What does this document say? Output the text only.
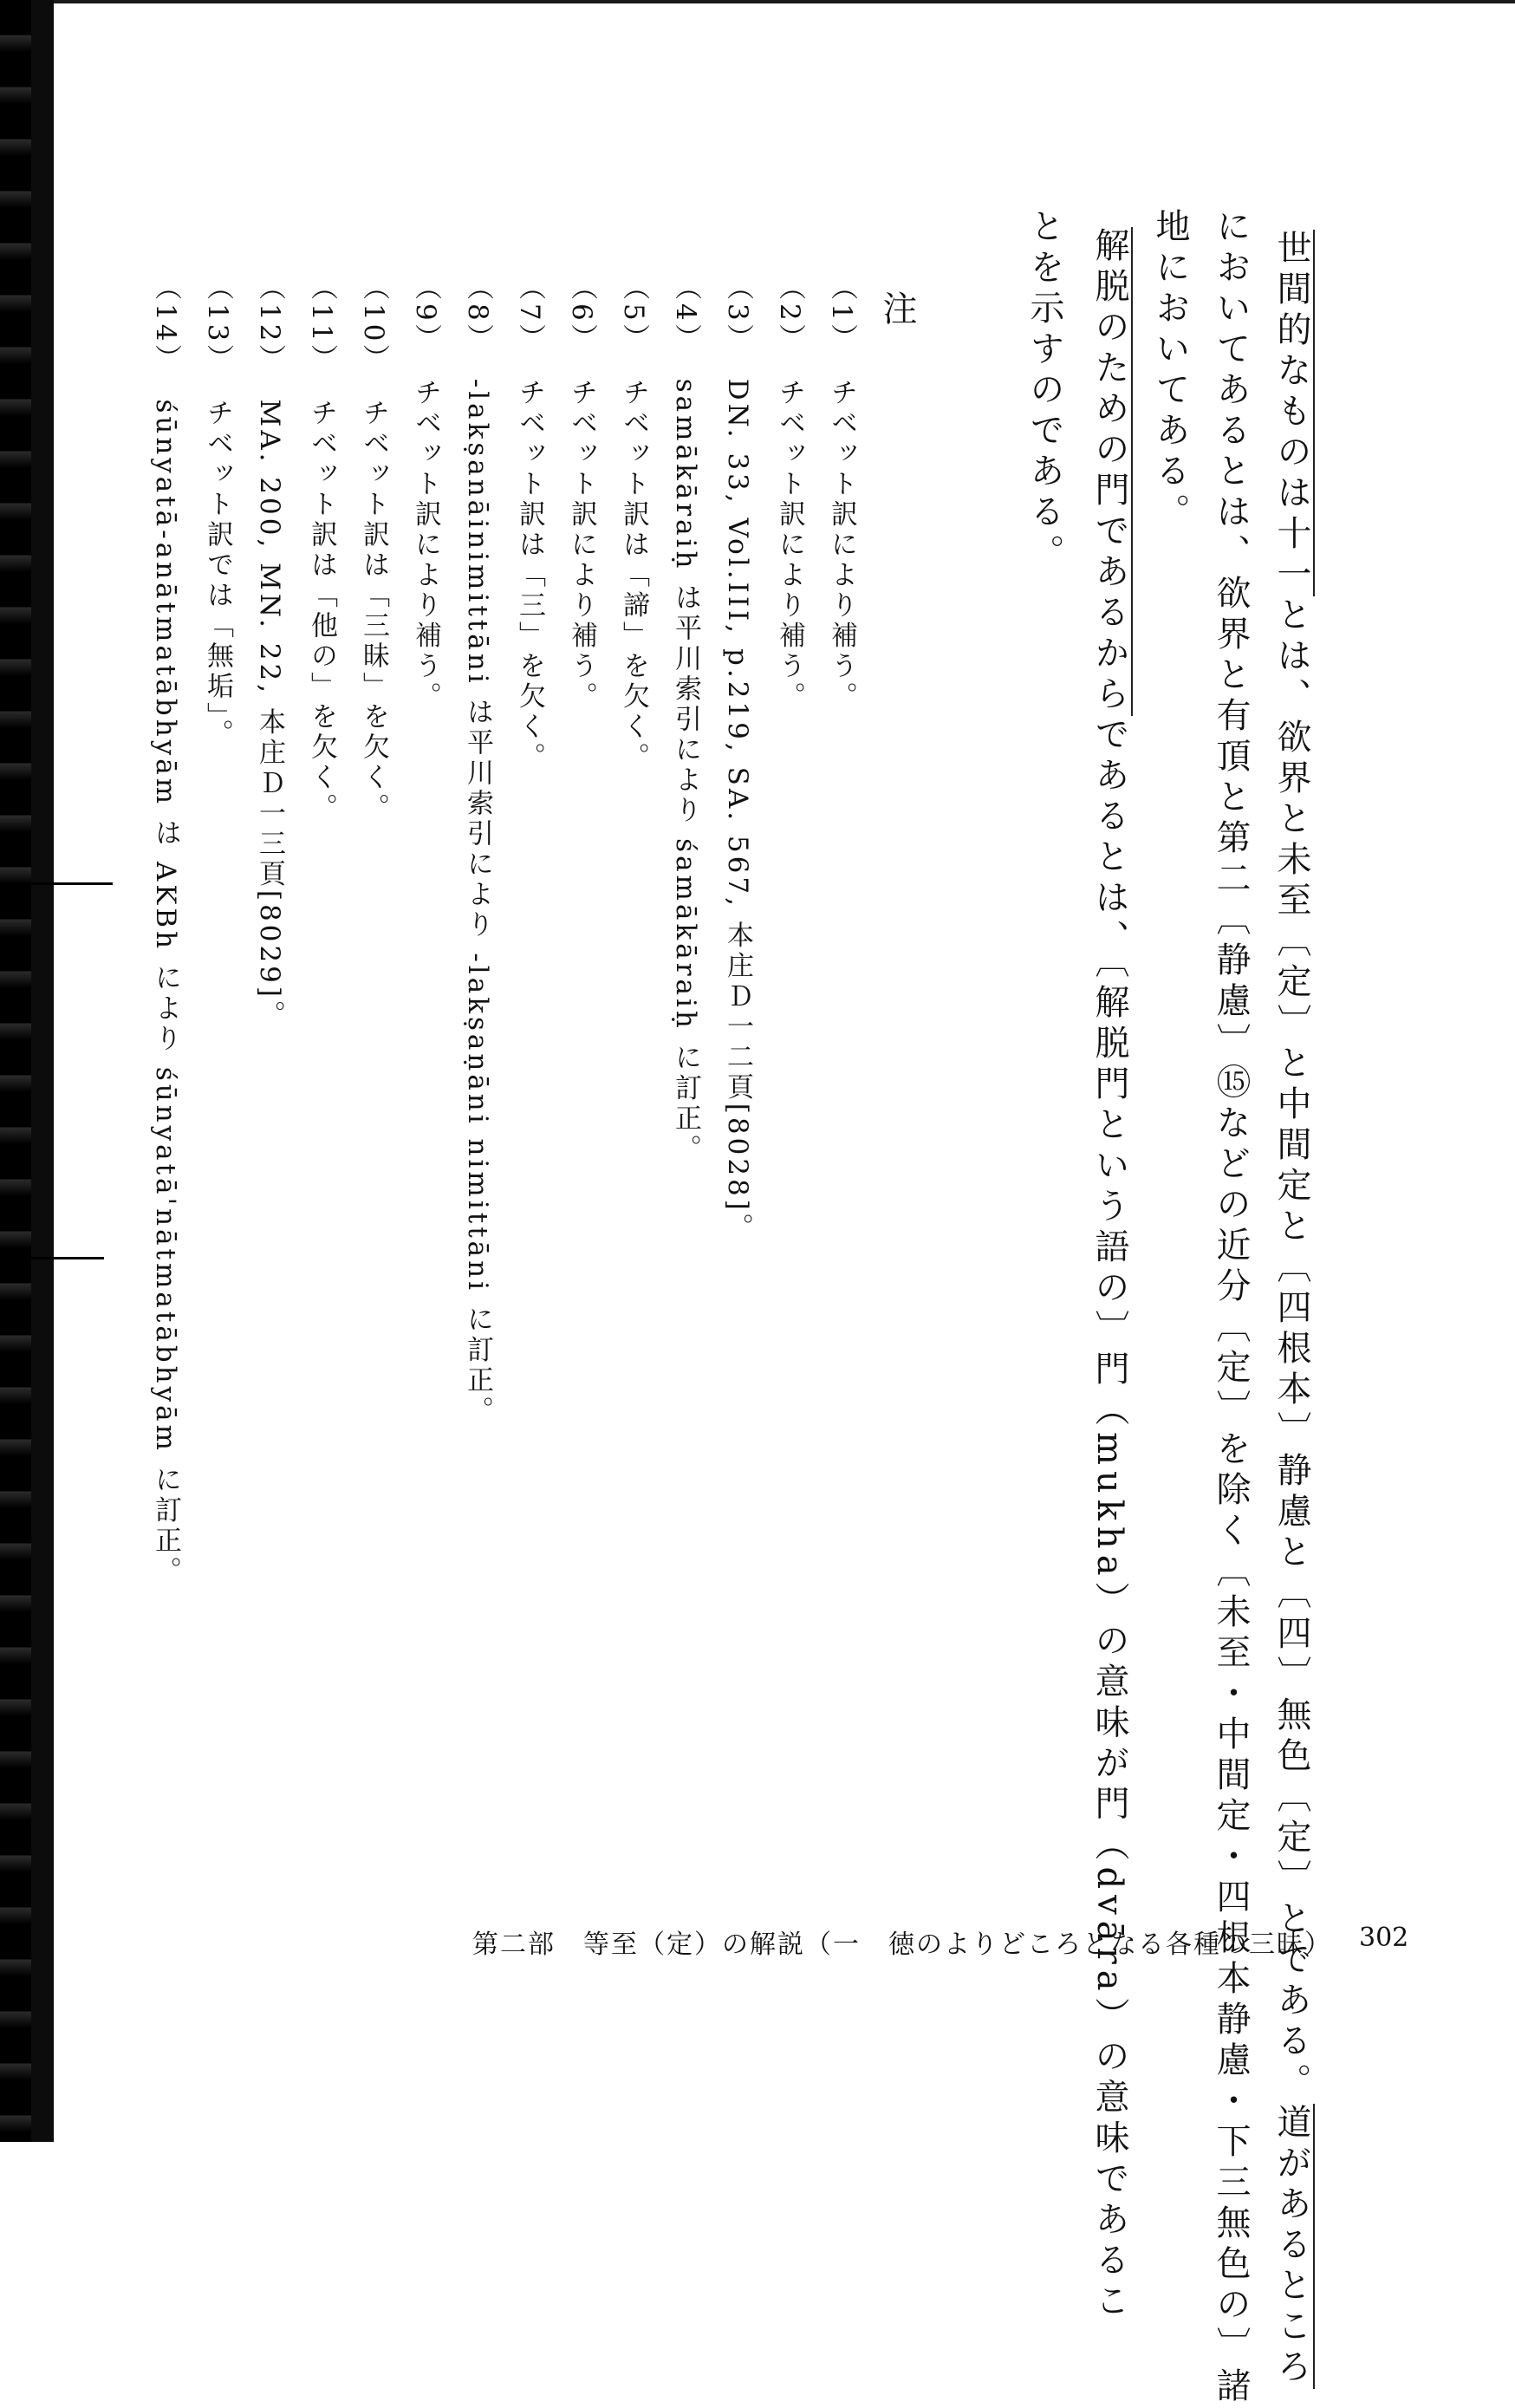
世間的なものは十一とは、欲界と未至〔定〕と中間定と〔四根本〕静慮と〔四〕無色〔定〕とである。道があるところ
においてあるとは、欲界と有頂と第二〔静慮〕⑮などの近分〔定〕を除く〔未至・中間定・四根本静慮・下三無色の〕諸
地においてある。
解脱のための門であるからであるとは、〔解脱門という語の〕門（mukha）の意味が門（dvāra）の意味であるこ
とを示すのである。
注
（1）チベット訳により補う。
（2）チベット訳により補う。
（3）DN. 33, Vol.III, p.219, SA. 567, 本庄Ｄ一二頁[8028]。
（4）samākāraiḥ は平川索引により śamākāraiḥ に訂正。
（5）チベット訳は「諦」を欠く。
（6）チベット訳により補う。
（7）チベット訳は「三」を欠く。
（8）-lakṣanāinimittāni は平川索引により -lakṣaṇāni nimittāni に訂正。
（9）チベット訳により補う。
（10）チベット訳は「三昧」を欠く。
（11）チベット訳は「他の」を欠く。
（12）MA. 200, MN. 22, 本庄Ｄ一三頁[8029]。
（13）チベット訳では「無垢」。
（14）śūnyatā-anātmatābhyām は AKBh により śūnyatā'nātmatābhyām に訂正。
第二部　等至（定）の解説（一　徳のよりどころとなる各種の三昧）	302
